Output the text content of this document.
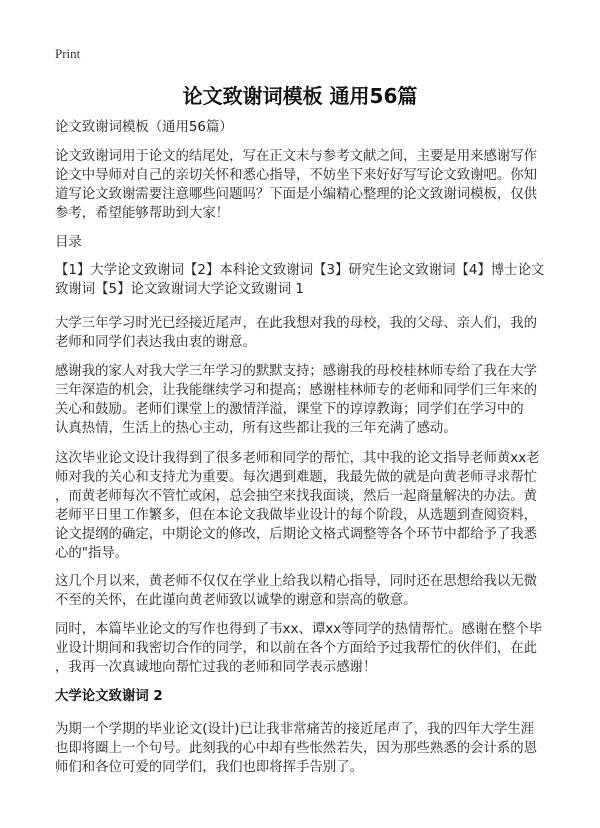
Print
论文致谢词模板 通用56篇
论文致谢词模板（通用56篇）
论文致谢词用于论文的结尾处，写在正文末与参考文献之间，主要是用来感谢写作
论文中导师对自己的亲切关怀和悉心指导，不妨坐下来好好写写论文致谢吧。你知
道写论文致谢需要注意哪些问题吗？下面是小编精心整理的论文致谢词模板，仅供
参考，希望能够帮助到大家！
目录
【1】大学论文致谢词【2】本科论文致谢词【3】研究生论文致谢词【4】博士论文
致谢词【5】论文致谢词大学论文致谢词 1
大学三年学习时光已经接近尾声，在此我想对我的母校，我的父母、亲人们，我的
老师和同学们表达我由衷的谢意。
感谢我的家人对我大学三年学习的默默支持；感谢我的母校桂林师专给了我在大学
三年深造的机会，让我能继续学习和提高；感谢桂林师专的老师和同学们三年来的
关心和鼓励。老师们课堂上的激情洋溢，课堂下的谆谆教诲；同学们在学习中的
认真热情，生活上的热心主动，所有这些都让我的三年充满了感动。
这次毕业论文设计我得到了很多老师和同学的帮忙，其中我的论文指导老师黄xx老
师对我的关心和支持尤为重要。每次遇到难题，我最先做的就是向黄老师寻求帮忙
，而黄老师每次不管忙或闲，总会抽空来找我面谈，然后一起商量解决的办法。黄
老师平日里工作繁多，但在本论文我做毕业设计的每个阶段，从选题到查阅资料，
论文提纲的确定，中期论文的修改，后期论文格式调整等各个环节中都给予了我悉
心的"指导。
这几个月以来，黄老师不仅仅在学业上给我以精心指导，同时还在思想给我以无微
不至的关怀，在此谨向黄老师致以诚挚的谢意和崇高的敬意。
同时，本篇毕业论文的写作也得到了韦xx、谭xx等同学的热情帮忙。感谢在整个毕
业设计期间和我密切合作的同学，和以前在各个方面给予过我帮忙的伙伴们，在此
，我再一次真诚地向帮忙过我的老师和同学表示感谢！
大学论文致谢词 2
为期一个学期的毕业论文(设计)已让我非常痛苦的接近尾声了，我的四年大学生涯
也即将圈上一个句号。此刻我的心中却有些怅然若失，因为那些熟悉的会计系的恩
师们和各位可爱的同学们，我们也即将挥手告别了。
